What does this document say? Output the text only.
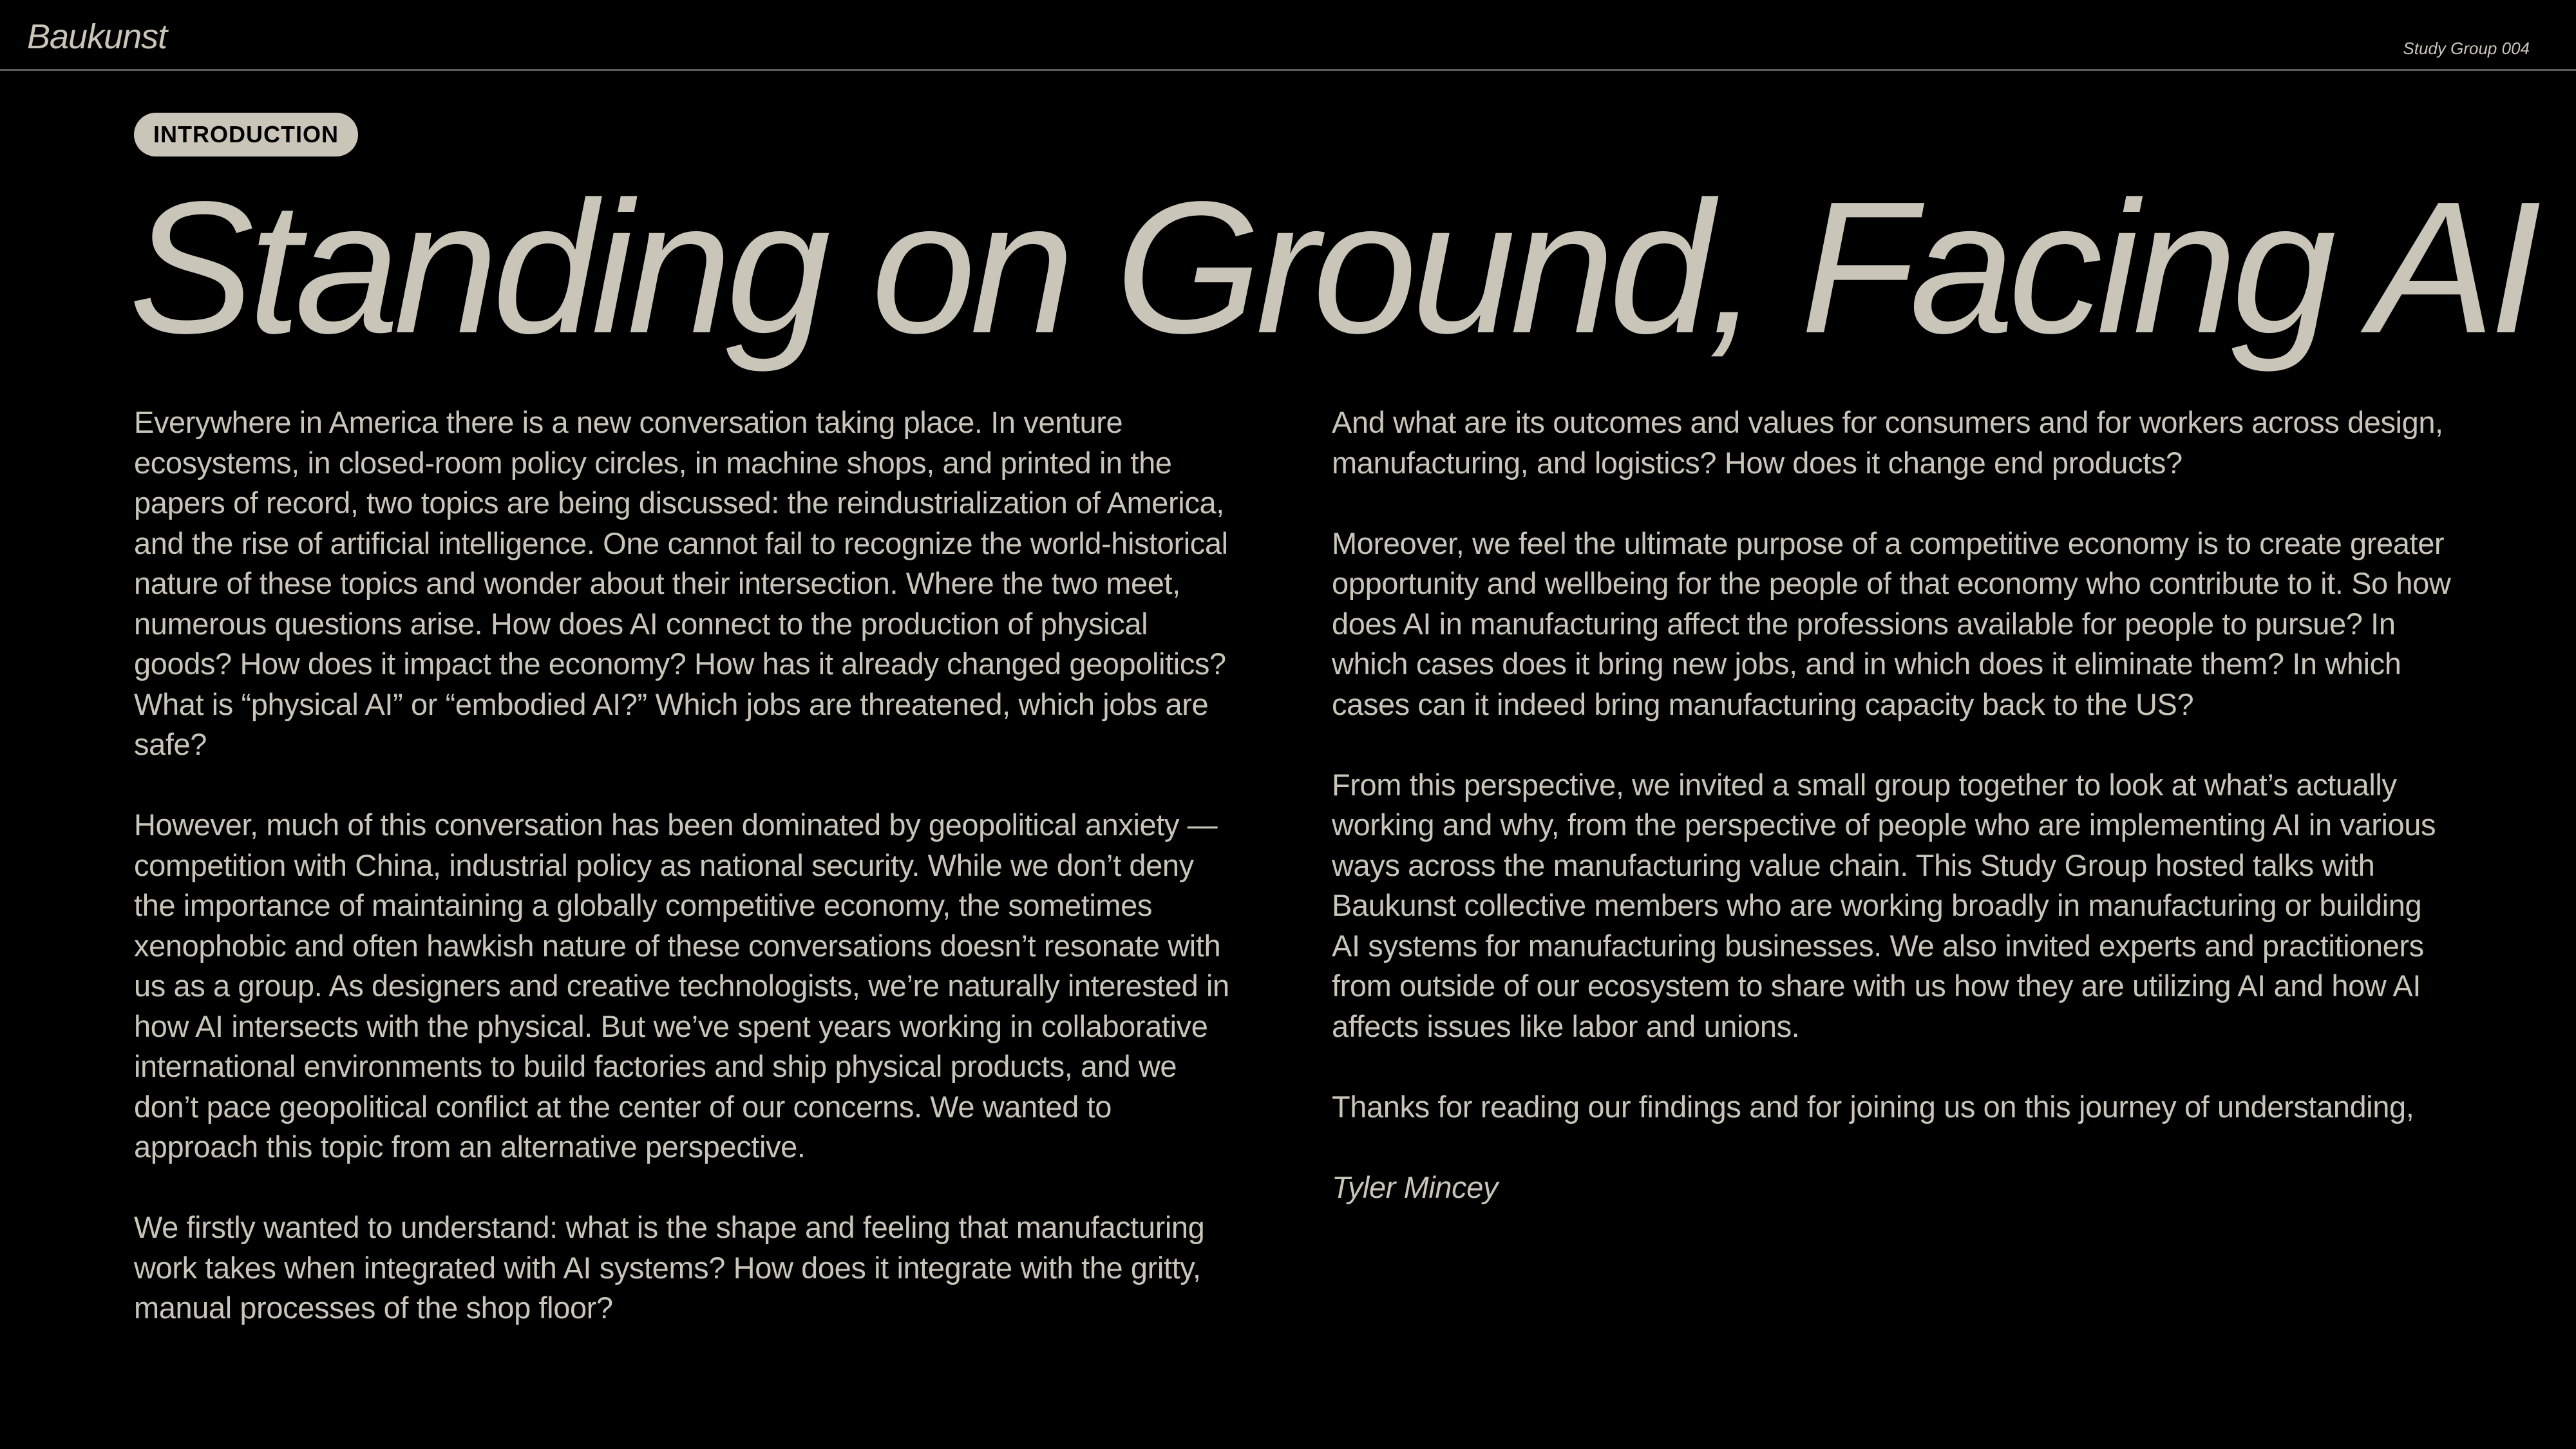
Baukunst	Study Group 004
INTRODUCTION
Standing on Ground, Facing AI

Everywhere in America there is a new conversation taking place. In venture ecosystems, in closed-room policy circles, in machine shops, and printed in the papers of record, two topics are being discussed: the reindustrialization of America, and the rise of artificial intelligence. One cannot fail to recognize the world-historical nature of these topics and wonder about their intersection. Where the two meet, numerous questions arise. How does AI connect to the production of physical goods? How does it impact the economy? How has it already changed geopolitics? What is “physical AI” or “embodied AI?” Which jobs are threatened, which jobs are safe?

However, much of this conversation has been dominated by geopolitical anxiety —competition with China, industrial policy as national security. While we don’t deny the importance of maintaining a globally competitive economy, the sometimes xenophobic and often hawkish nature of these conversations doesn’t resonate with us as a group. As designers and creative technologists, we’re naturally interested in how AI intersects with the physical. But we’ve spent years working in collaborative international environments to build factories and ship physical products, and we don’t pace geopolitical conflict at the center of our concerns. We wanted to approach this topic from an alternative perspective.

We firstly wanted to understand: what is the shape and feeling that manufacturing work takes when integrated with AI systems? How does it integrate with the gritty, manual processes of the shop floor?

And what are its outcomes and values for consumers and for workers across design, manufacturing, and logistics? How does it change end products?

Moreover, we feel the ultimate purpose of a competitive economy is to create greater opportunity and wellbeing for the people of that economy who contribute to it. So how does AI in manufacturing affect the professions available for people to pursue? In which cases does it bring new jobs, and in which does it eliminate them? In which cases can it indeed bring manufacturing capacity back to the US?

From this perspective, we invited a small group together to look at what’s actually working and why, from the perspective of people who are implementing AI in various ways across the manufacturing value chain. This Study Group hosted talks with Baukunst collective members who are working broadly in manufacturing or building AI systems for manufacturing businesses. We also invited experts and practitioners from outside of our ecosystem to share with us how they are utilizing AI and how AI affects issues like labor and unions.

Thanks for reading our findings and for joining us on this journey of understanding,

Tyler Mincey
